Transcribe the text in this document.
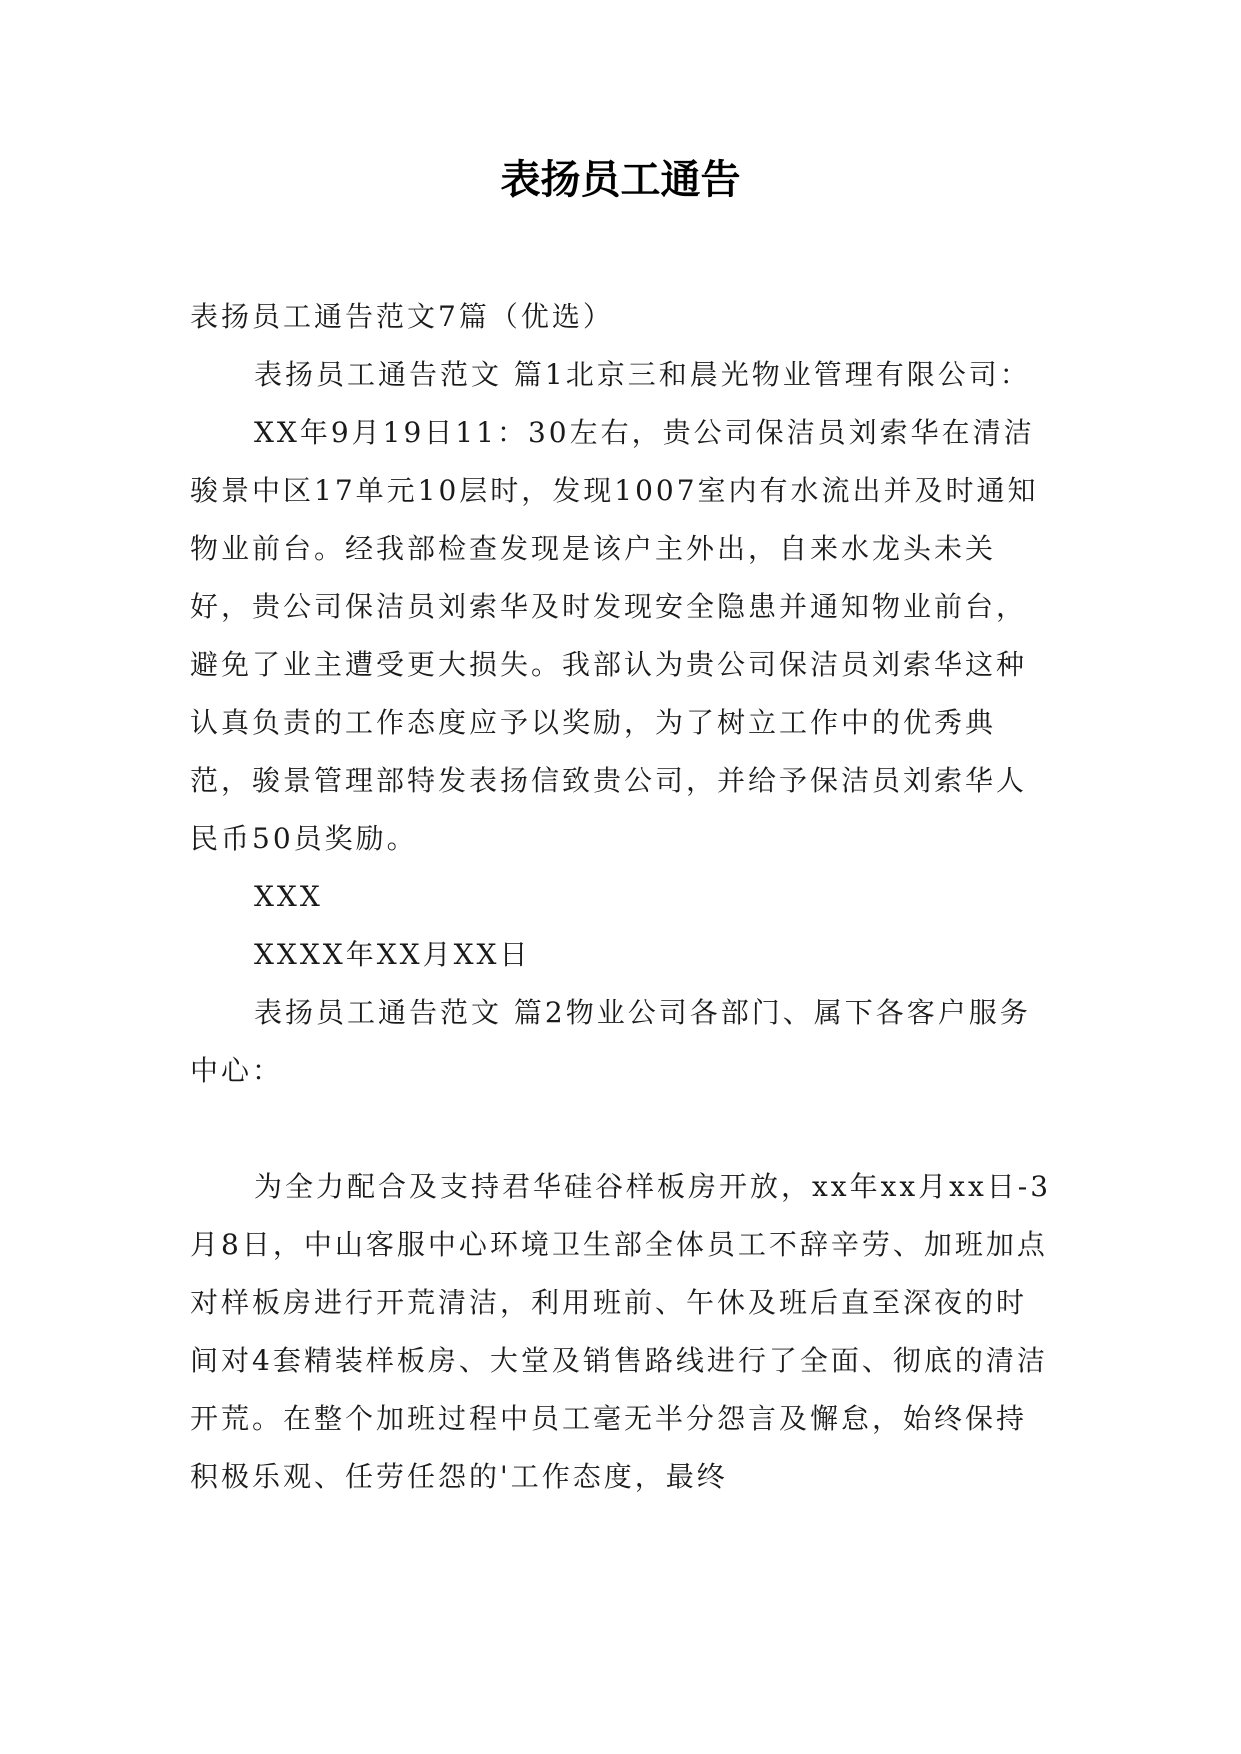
表扬员工通告

表扬员工通告范文7篇（优选）

表扬员工通告范文 篇1北京三和晨光物业管理有限公司：

XX年9月19日11：30左右，贵公司保洁员刘索华在清洁骏景中区17单元10层时，发现1007室内有水流出并及时通知物业前台。经我部检查发现是该户主外出，自来水龙头未关好，贵公司保洁员刘索华及时发现安全隐患并通知物业前台，避免了业主遭受更大损失。我部认为贵公司保洁员刘索华这种认真负责的工作态度应予以奖励，为了树立工作中的优秀典范，骏景管理部特发表扬信致贵公司，并给予保洁员刘索华人民币50员奖励。

XXX

XXXX年XX月XX日

表扬员工通告范文 篇2物业公司各部门、属下各客户服务中心：

为全力配合及支持君华硅谷样板房开放，xx年xx月xx日-3月8日，中山客服中心环境卫生部全体员工不辞辛劳、加班加点对样板房进行开荒清洁，利用班前、午休及班后直至深夜的时间对4套精装样板房、大堂及销售路线进行了全面、彻底的清洁开荒。在整个加班过程中员工毫无半分怨言及懈怠，始终保持积极乐观、任劳任怨的'工作态度，最终
